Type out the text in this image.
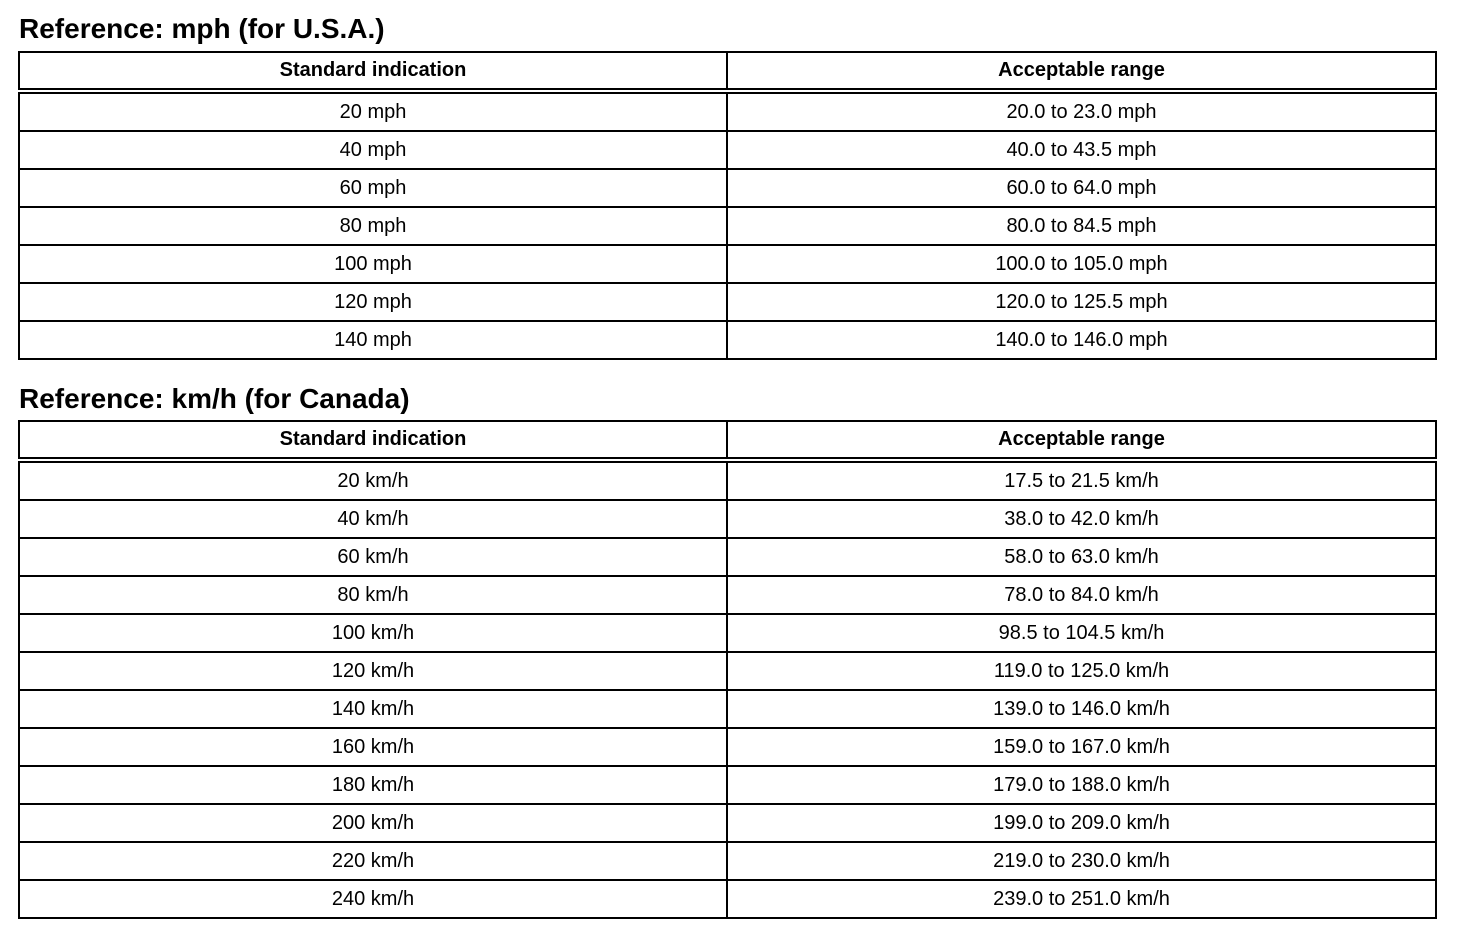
Reference: mph (for U.S.A.)
Standard indication	Acceptable range
20 mph	20.0 to 23.0 mph
40 mph	40.0 to 43.5 mph
60 mph	60.0 to 64.0 mph
80 mph	80.0 to 84.5 mph
100 mph	100.0 to 105.0 mph
120 mph	120.0 to 125.5 mph
140 mph	140.0 to 146.0 mph
Reference: km/h (for Canada)
Standard indication	Acceptable range
20 km/h	17.5 to 21.5 km/h
40 km/h	38.0 to 42.0 km/h
60 km/h	58.0 to 63.0 km/h
80 km/h	78.0 to 84.0 km/h
100 km/h	98.5 to 104.5 km/h
120 km/h	119.0 to 125.0 km/h
140 km/h	139.0 to 146.0 km/h
160 km/h	159.0 to 167.0 km/h
180 km/h	179.0 to 188.0 km/h
200 km/h	199.0 to 209.0 km/h
220 km/h	219.0 to 230.0 km/h
240 km/h	239.0 to 251.0 km/h
